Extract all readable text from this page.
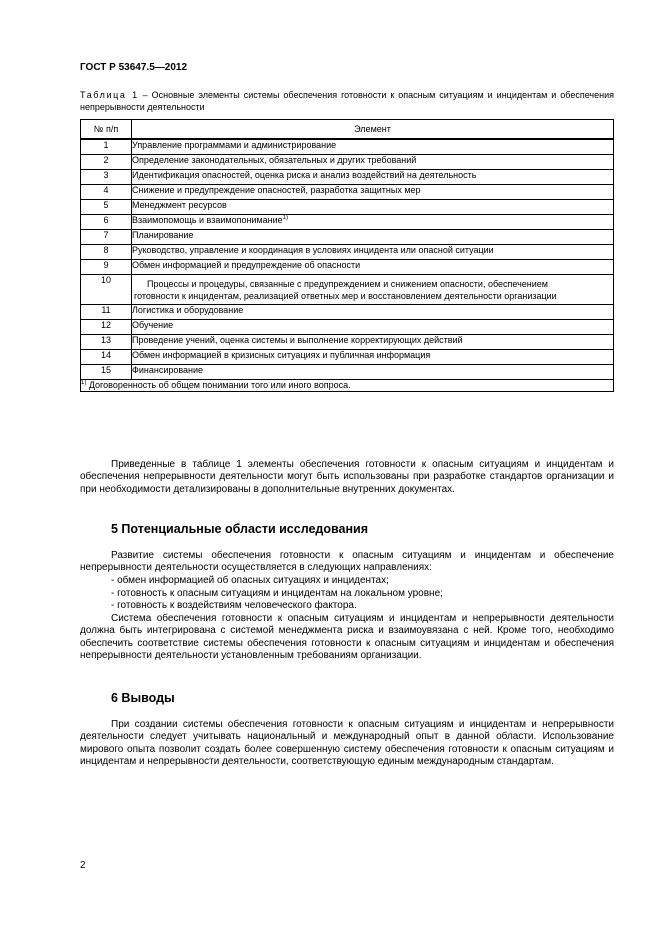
ГОСТ Р 53647.5—2012
Таблица 1 – Основные элементы системы обеспечения готовности к опасным ситуациям и инцидентам и обеспечения непрерывности деятельности
№ п/п	Элемент
1	Управление программами и администрирование
2	Определение законодательных, обязательных и других требований
3	Идентификация опасностей, оценка риска и анализ воздействий на деятельность
4	Снижение и предупреждение опасностей, разработка защитных мер
5	Менеджмент ресурсов
6	Взаимопомощь и взаимопонимание$^{1)}$
7	Планирование
8	Руководство, управление и координация в условиях инцидента или опасной ситуации
9	Обмен информацией и предупреждение об опасности
10	Процессы и процедуры, связанные с предупреждением и снижением опасности, обеспечением
готовности к инцидентам, реализацией ответных мер и восстановлением деятельности организации
11	Логистика и оборудование
12	Обучение
13	Проведение учений, оценка системы и выполнение корректирующих действий
14	Обмен информацией в кризисных ситуациях и публичная информация
15	Финансирование
$^{1)}$ Договоренность об общем понимании того или иного вопроса.	
Приведенные в таблице 1 элементы обеспечения готовности к опасным ситуациям и инцидентам и обеспечения непрерывности деятельности могут быть использованы при разработке стандартов организации и при необходимости детализированы в дополнительные внутренних документах.
5 Потенциальные области исследования
Развитие системы обеспечения готовности к опасным ситуациям и инцидентам и обеспечение непрерывности деятельности осуществляется в следующих направлениях:
- обмен информацией об опасных ситуациях и инцидентах;
- готовность к опасным ситуациям и инцидентам на локальном уровне;
- готовность к воздействиям человеческого фактора.
Система обеспечения готовности к опасным ситуациям и инцидентам и непрерывности деятельности должна быть интегрирована с системой менеджмента риска и взаимоувязана с ней. Кроме того, необходимо обеспечить соответствие системы обеспечения готовности к опасным ситуациям и инцидентам и обеспечения непрерывности деятельности установленным требованиям организации.
6 Выводы
При создании системы обеспечения готовности к опасным ситуациям и инцидентам и непрерывности деятельности следует учитывать национальный и международный опыт в данной области. Использование мирового опыта позволит создать более совершенную систему обеспечения готовности к опасным ситуациям и инцидентам и непрерывности деятельности, соответствующую единым международным стандартам.
2
